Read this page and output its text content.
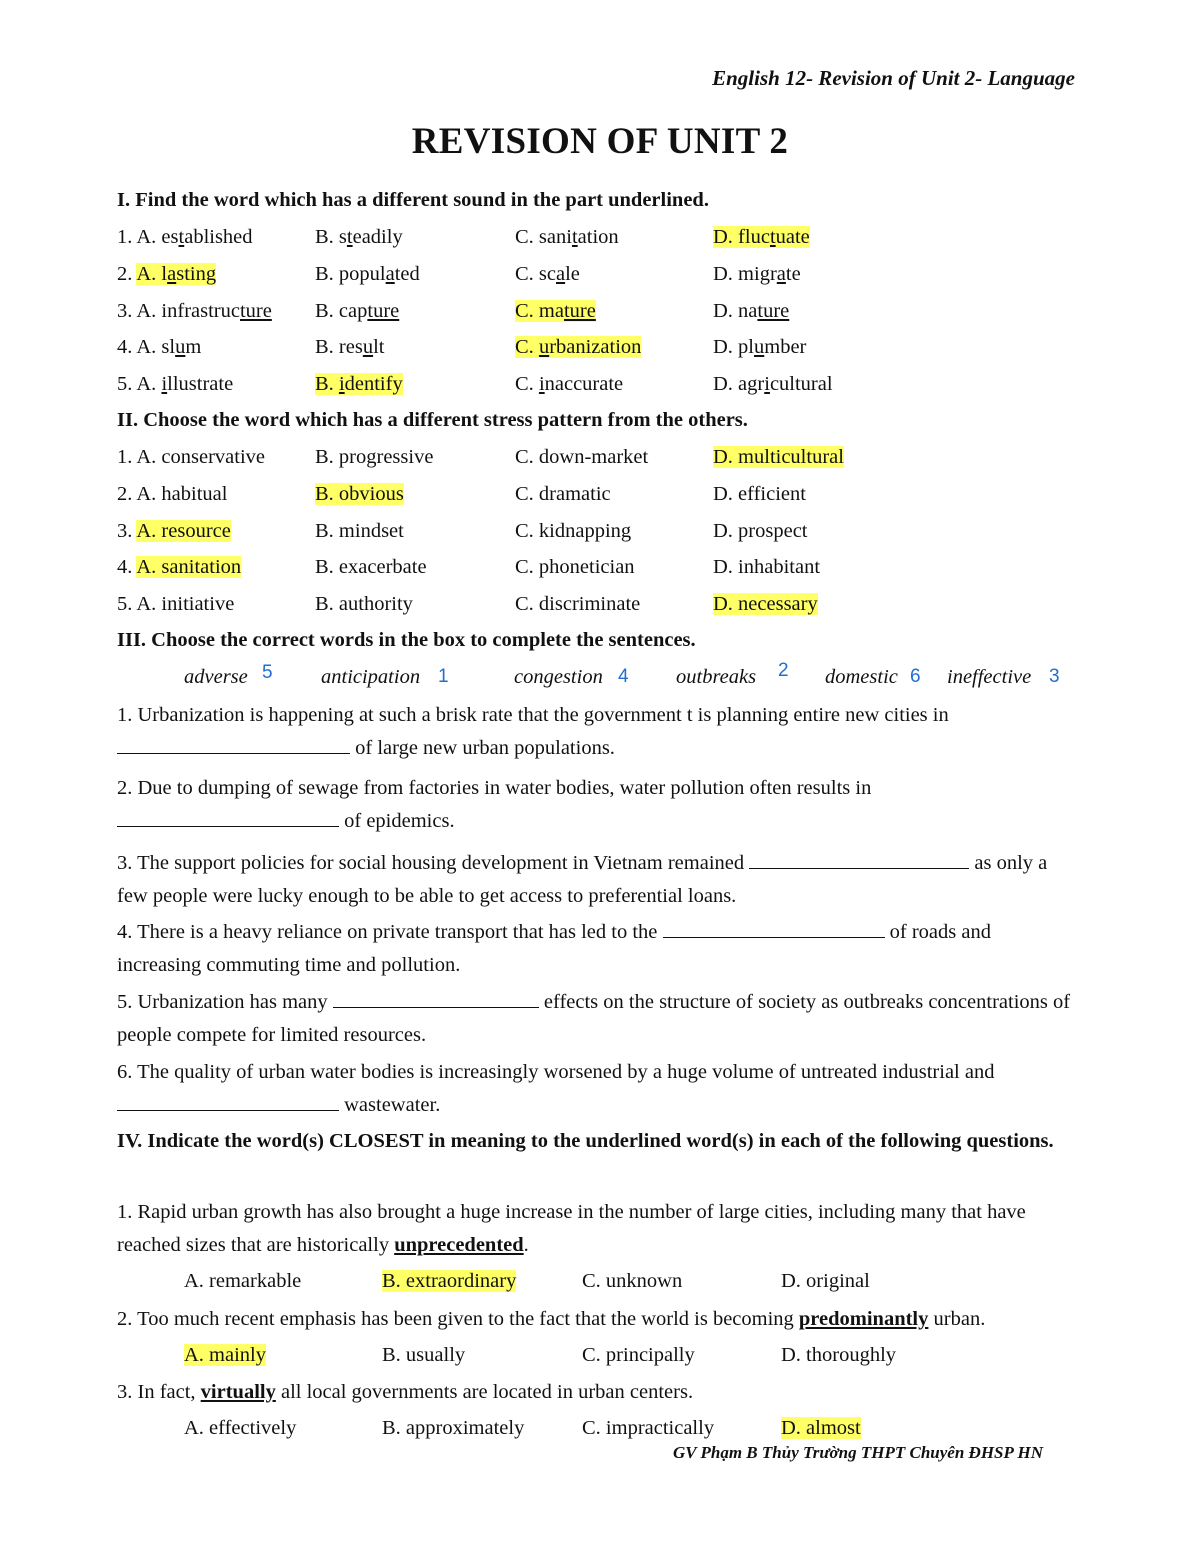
English 12- Revision of Unit 2- Language
REVISION OF UNIT 2
I. Find the word which has a different sound in the part underlined.
1. A. established	B. steadily	C. sanitation	D. fluctuate
2. A. lasting	B. populated	C. scale	D. migrate
3. A. infrastructure B. capture	C. mature	D. nature
4. A. slum	B. result	C. urbanization	D. plumber
5. A. illustrate	B. identify	C. inaccurate	D. agricultural
II. Choose the word which has a different stress pattern from the others.
1. A. conservative B. progressive	C. down-market	D. multicultural
2. A. habitual	B. obvious	C. dramatic	D. efficient
3. A. resource	B. mindset	C. kidnapping	D. prospect
4. A. sanitation	B. exacerbate	C. phonetician	D. inhabitant
5. A. initiative	B. authority	C. discriminate	D. necessary
III. Choose the correct words in the box to complete the sentences.
adverse 5 anticipation 1	congestion 4 outbreaks 2 domestic 6 ineffective 3
1. Urbanization is happening at such a brisk rate that the government t is planning entire new cities in
of large new urban populations.
2. Due to dumping of sewage from factories in water bodies, water pollution often results in
of epidemics.
3. The support policies for social housing development in Vietnam remained	as only a few people were lucky enough to be able to get access to preferential loans.
4. There is a heavy reliance on private transport that has led to the	of roads and increasing commuting time and pollution.
5. Urbanization has many	effects on the structure of society as outbreaks concentrations of people compete for limited resources.
6. The quality of urban water bodies is increasingly worsened by a huge volume of untreated industrial and
wastewater.
IV. Indicate the word(s) CLOSEST in meaning to the underlined word(s) in each of the following questions.
1. Rapid urban growth has also brought a huge increase in the number of large cities, including many that have reached sizes that are historically unprecedented.
A. remarkable	B. extraordinary	C. unknown	D. original
2. Too much recent emphasis has been given to the fact that the world is becoming predominantly urban.
A. mainly	B. usually	C. principally	D. thoroughly
3. In fact, virtually all local governments are located in urban centers.
A. effectively	B. approximately	C. impractically	D. almost
GV Phạm B Thủy Trường THPT Chuyên ĐHSP HN
